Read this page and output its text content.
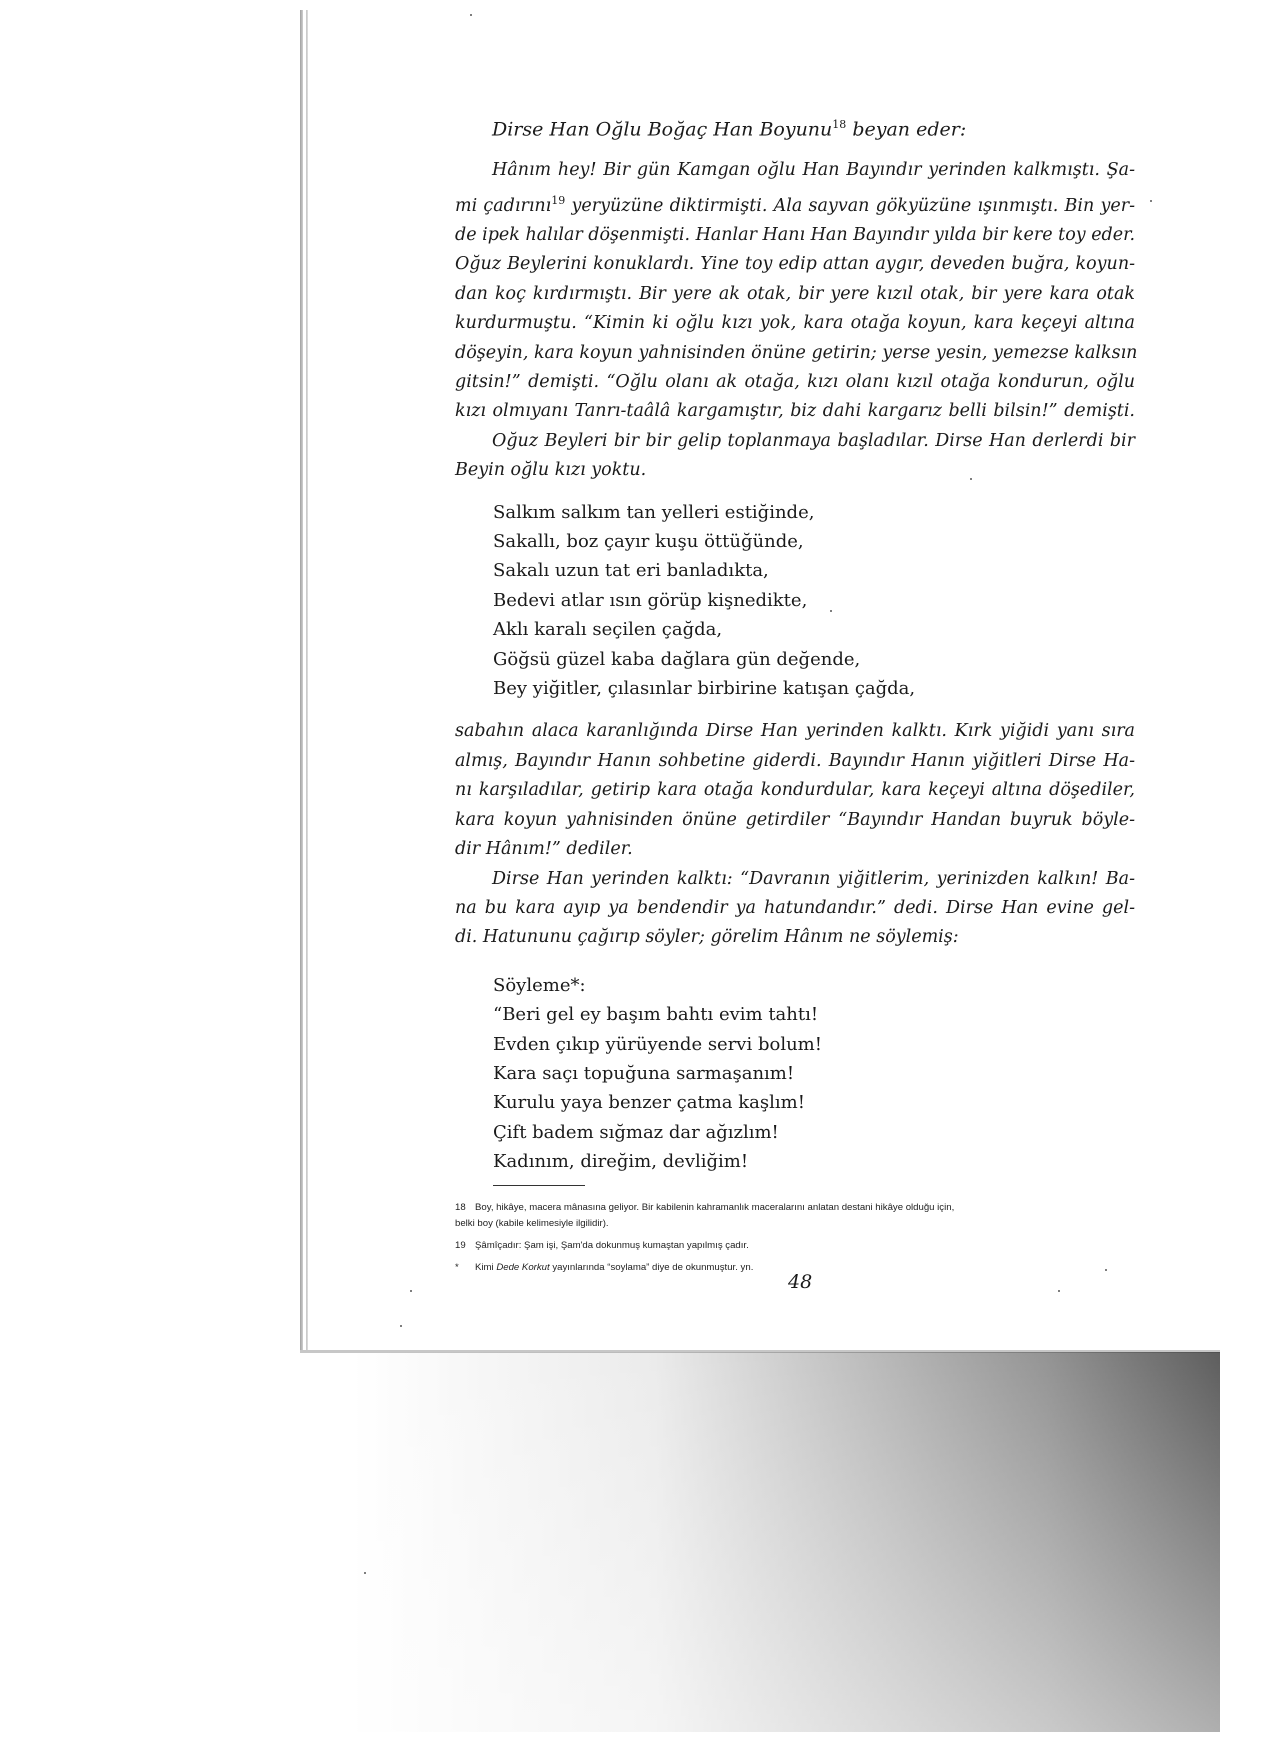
Dirse Han Oğlu Boğaç Han Boyunu$^{18}$ beyan eder:
Hânım hey! Bir gün Kamgan oğlu Han Bayındır yerinden kalkmıştı. Şa-
mi çadırını$^{19}$ yeryüzüne diktirmişti. Ala sayvan gökyüzüne ışınmıştı. Bin yer-
de ipek halılar döşenmişti. Hanlar Hanı Han Bayındır yılda bir kere toy eder.
Oğuz Beylerini konuklardı. Yine toy edip attan aygır, deveden buğra, koyun-
dan koç kırdırmıştı. Bir yere ak otak, bir yere kızıl otak, bir yere kara otak
kurdurmuştu. “Kimin ki oğlu kızı yok, kara otağa koyun, kara keçeyi altına
döşeyin, kara koyun yahnisinden önüne getirin; yerse yesin, yemezse kalksın
gitsin!” demişti. “Oğlu olanı ak otağa, kızı olanı kızıl otağa kondurun, oğlu
kızı olmıyanı Tanrı-taâlâ kargamıştır, biz dahi kargarız belli bilsin!” demişti.
Oğuz Beyleri bir bir gelip toplanmaya başladılar. Dirse Han derlerdi bir
Beyin oğlu kızı yoktu.
Salkım salkım tan yelleri estiğinde,
Sakallı, boz çayır kuşu öttüğünde,
Sakalı uzun tat eri banladıkta,
Bedevi atlar ısın görüp kişnedikte,
Aklı karalı seçilen çağda,
Göğsü güzel kaba dağlara gün değende,
Bey yiğitler, çılasınlar birbirine katışan çağda,
sabahın alaca karanlığında Dirse Han yerinden kalktı. Kırk yiğidi yanı sıra
almış, Bayındır Hanın sohbetine giderdi. Bayındır Hanın yiğitleri Dirse Ha-
nı karşıladılar, getirip kara otağa kondurdular, kara keçeyi altına döşediler,
kara koyun yahnisinden önüne getirdiler “Bayındır Handan buyruk böyle-
dir Hânım!” dediler.
Dirse Han yerinden kalktı: “Davranın yiğitlerim, yerinizden kalkın! Ba-
na bu kara ayıp ya bendendir ya hatundandır.” dedi. Dirse Han evine gel-
di. Hatununu çağırıp söyler; görelim Hânım ne söylemiş:
Söyleme*:
“Beri gel ey başım bahtı evim tahtı!
Evden çıkıp yürüyende servi bolum!
Kara saçı topuğuna sarmaşanım!
Kurulu yaya benzer çatma kaşlım!
Çift badem sığmaz dar ağızlım!
Kadınım, direğim, devliğim!
18 Boy, hikâye, macera mânasına geliyor. Bir kabilenin kahramanlık maceralarını anlatan destani hikâye olduğu için,
belki boy (kabile kelimesiyle ilgilidir).
19 Şâmîçadır: Şam işi, Şam'da dokunmuş kumaştan yapılmış çadır.
* Kimi Dede Korkut yayınlarında “soylama” diye de okunmuştur. yn.
48
